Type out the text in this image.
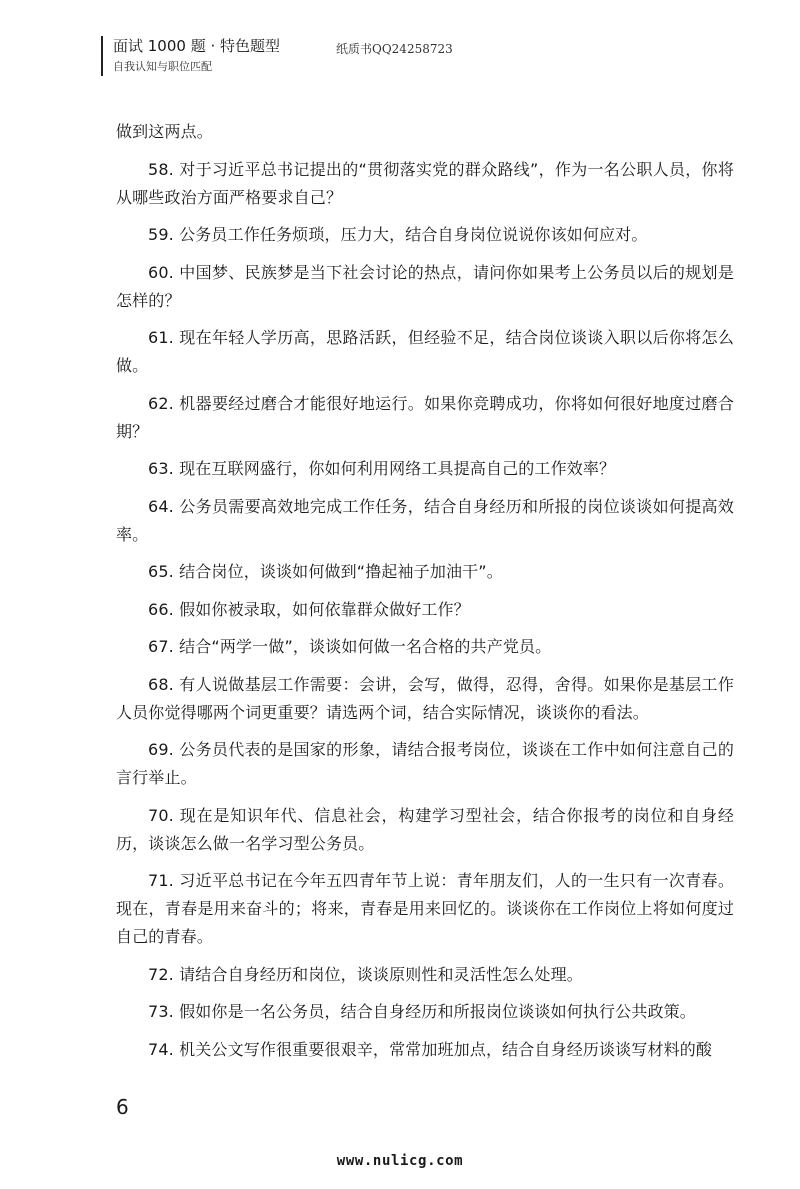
面试 1000 题 · 特色题型
自我认知与职位匹配
纸质书QQ24258723

做到这两点。

58. 对于习近平总书记提出的“贯彻落实党的群众路线”，作为一名公职人员，你将从哪些政治方面严格要求自己？

59. 公务员工作任务烦琐，压力大，结合自身岗位说说你该如何应对。

60. 中国梦、民族梦是当下社会讨论的热点，请问你如果考上公务员以后的规划是怎样的？

61. 现在年轻人学历高，思路活跃，但经验不足，结合岗位谈谈入职以后你将怎么做。

62. 机器要经过磨合才能很好地运行。如果你竞聘成功，你将如何很好地度过磨合期？

63. 现在互联网盛行，你如何利用网络工具提高自己的工作效率？

64. 公务员需要高效地完成工作任务，结合自身经历和所报的岗位谈谈如何提高效率。

65. 结合岗位，谈谈如何做到“撸起袖子加油干”。

66. 假如你被录取，如何依靠群众做好工作？

67. 结合“两学一做”，谈谈如何做一名合格的共产党员。

68. 有人说做基层工作需要：会讲，会写，做得，忍得，舍得。如果你是基层工作人员你觉得哪两个词更重要？请选两个词，结合实际情况，谈谈你的看法。

69. 公务员代表的是国家的形象，请结合报考岗位，谈谈在工作中如何注意自己的言行举止。

70. 现在是知识年代、信息社会，构建学习型社会，结合你报考的岗位和自身经历，谈谈怎么做一名学习型公务员。

71. 习近平总书记在今年五四青年节上说：青年朋友们，人的一生只有一次青春。现在，青春是用来奋斗的；将来，青春是用来回忆的。谈谈你在工作岗位上将如何度过自己的青春。

72. 请结合自身经历和岗位，谈谈原则性和灵活性怎么处理。

73. 假如你是一名公务员，结合自身经历和所报岗位谈谈如何执行公共政策。

74. 机关公文写作很重要很艰辛，常常加班加点，结合自身经历谈谈写材料的酸

6
www.nulicg.com
